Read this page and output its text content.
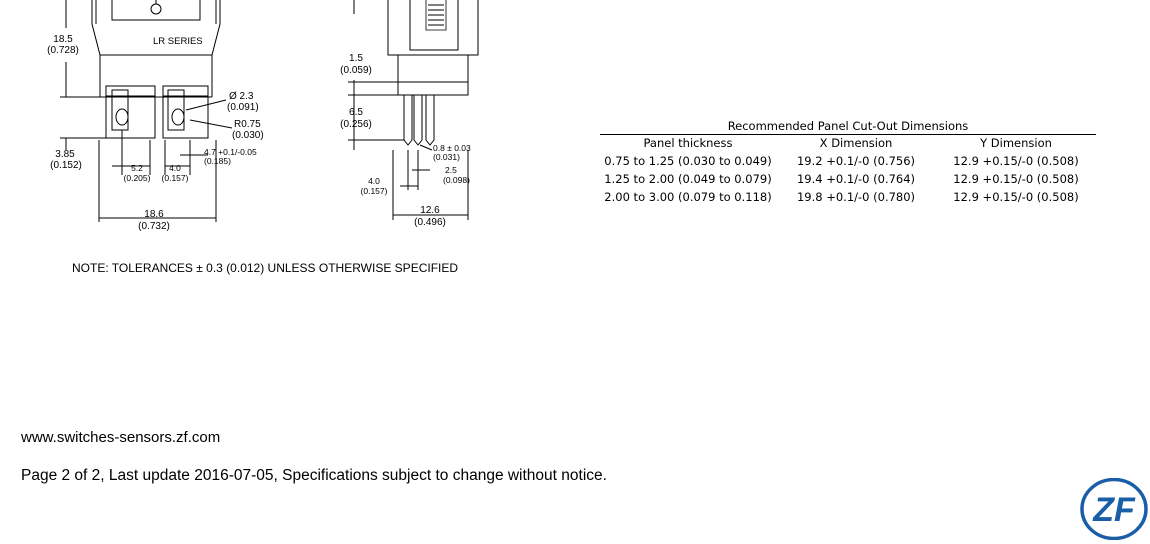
LR SERIES
18.5
(0.728)
Ø 2.3
(0.091)
R0.75
(0.030)
4.7 +0.1/-0.05
(0.185)
3.85
(0.152)	5.2
(0.205)
4.0
(0.157)
18.6
(0.732)
1.5
(0.059)
6.5
(0.256)
0.8 ± 0.03
(0.031)
2.5
(0.098)
4.0
(0.157)
12.6
(0.496)
NOTE: TOLERANCES ± 0.3 (0.012) UNLESS OTHERWISE SPECIFIED
Recommended Panel Cut-Out Dimensions
Panel thickness	X Dimension	Y Dimension
0.75 to 1.25 (0.030 to 0.049)	19.2 +0.1/-0 (0.756)	12.9 +0.15/-0 (0.508)
1.25 to 2.00 (0.049 to 0.079)	19.4 +0.1/-0 (0.764)	12.9 +0.15/-0 (0.508)
2.00 to 3.00 (0.079 to 0.118)	19.8 +0.1/-0 (0.780)	12.9 +0.15/-0 (0.508)
www.switches-sensors.zf.com
Page 2 of 2, Last update 2016-07-05, Specifications subject to change without notice.
ZF
